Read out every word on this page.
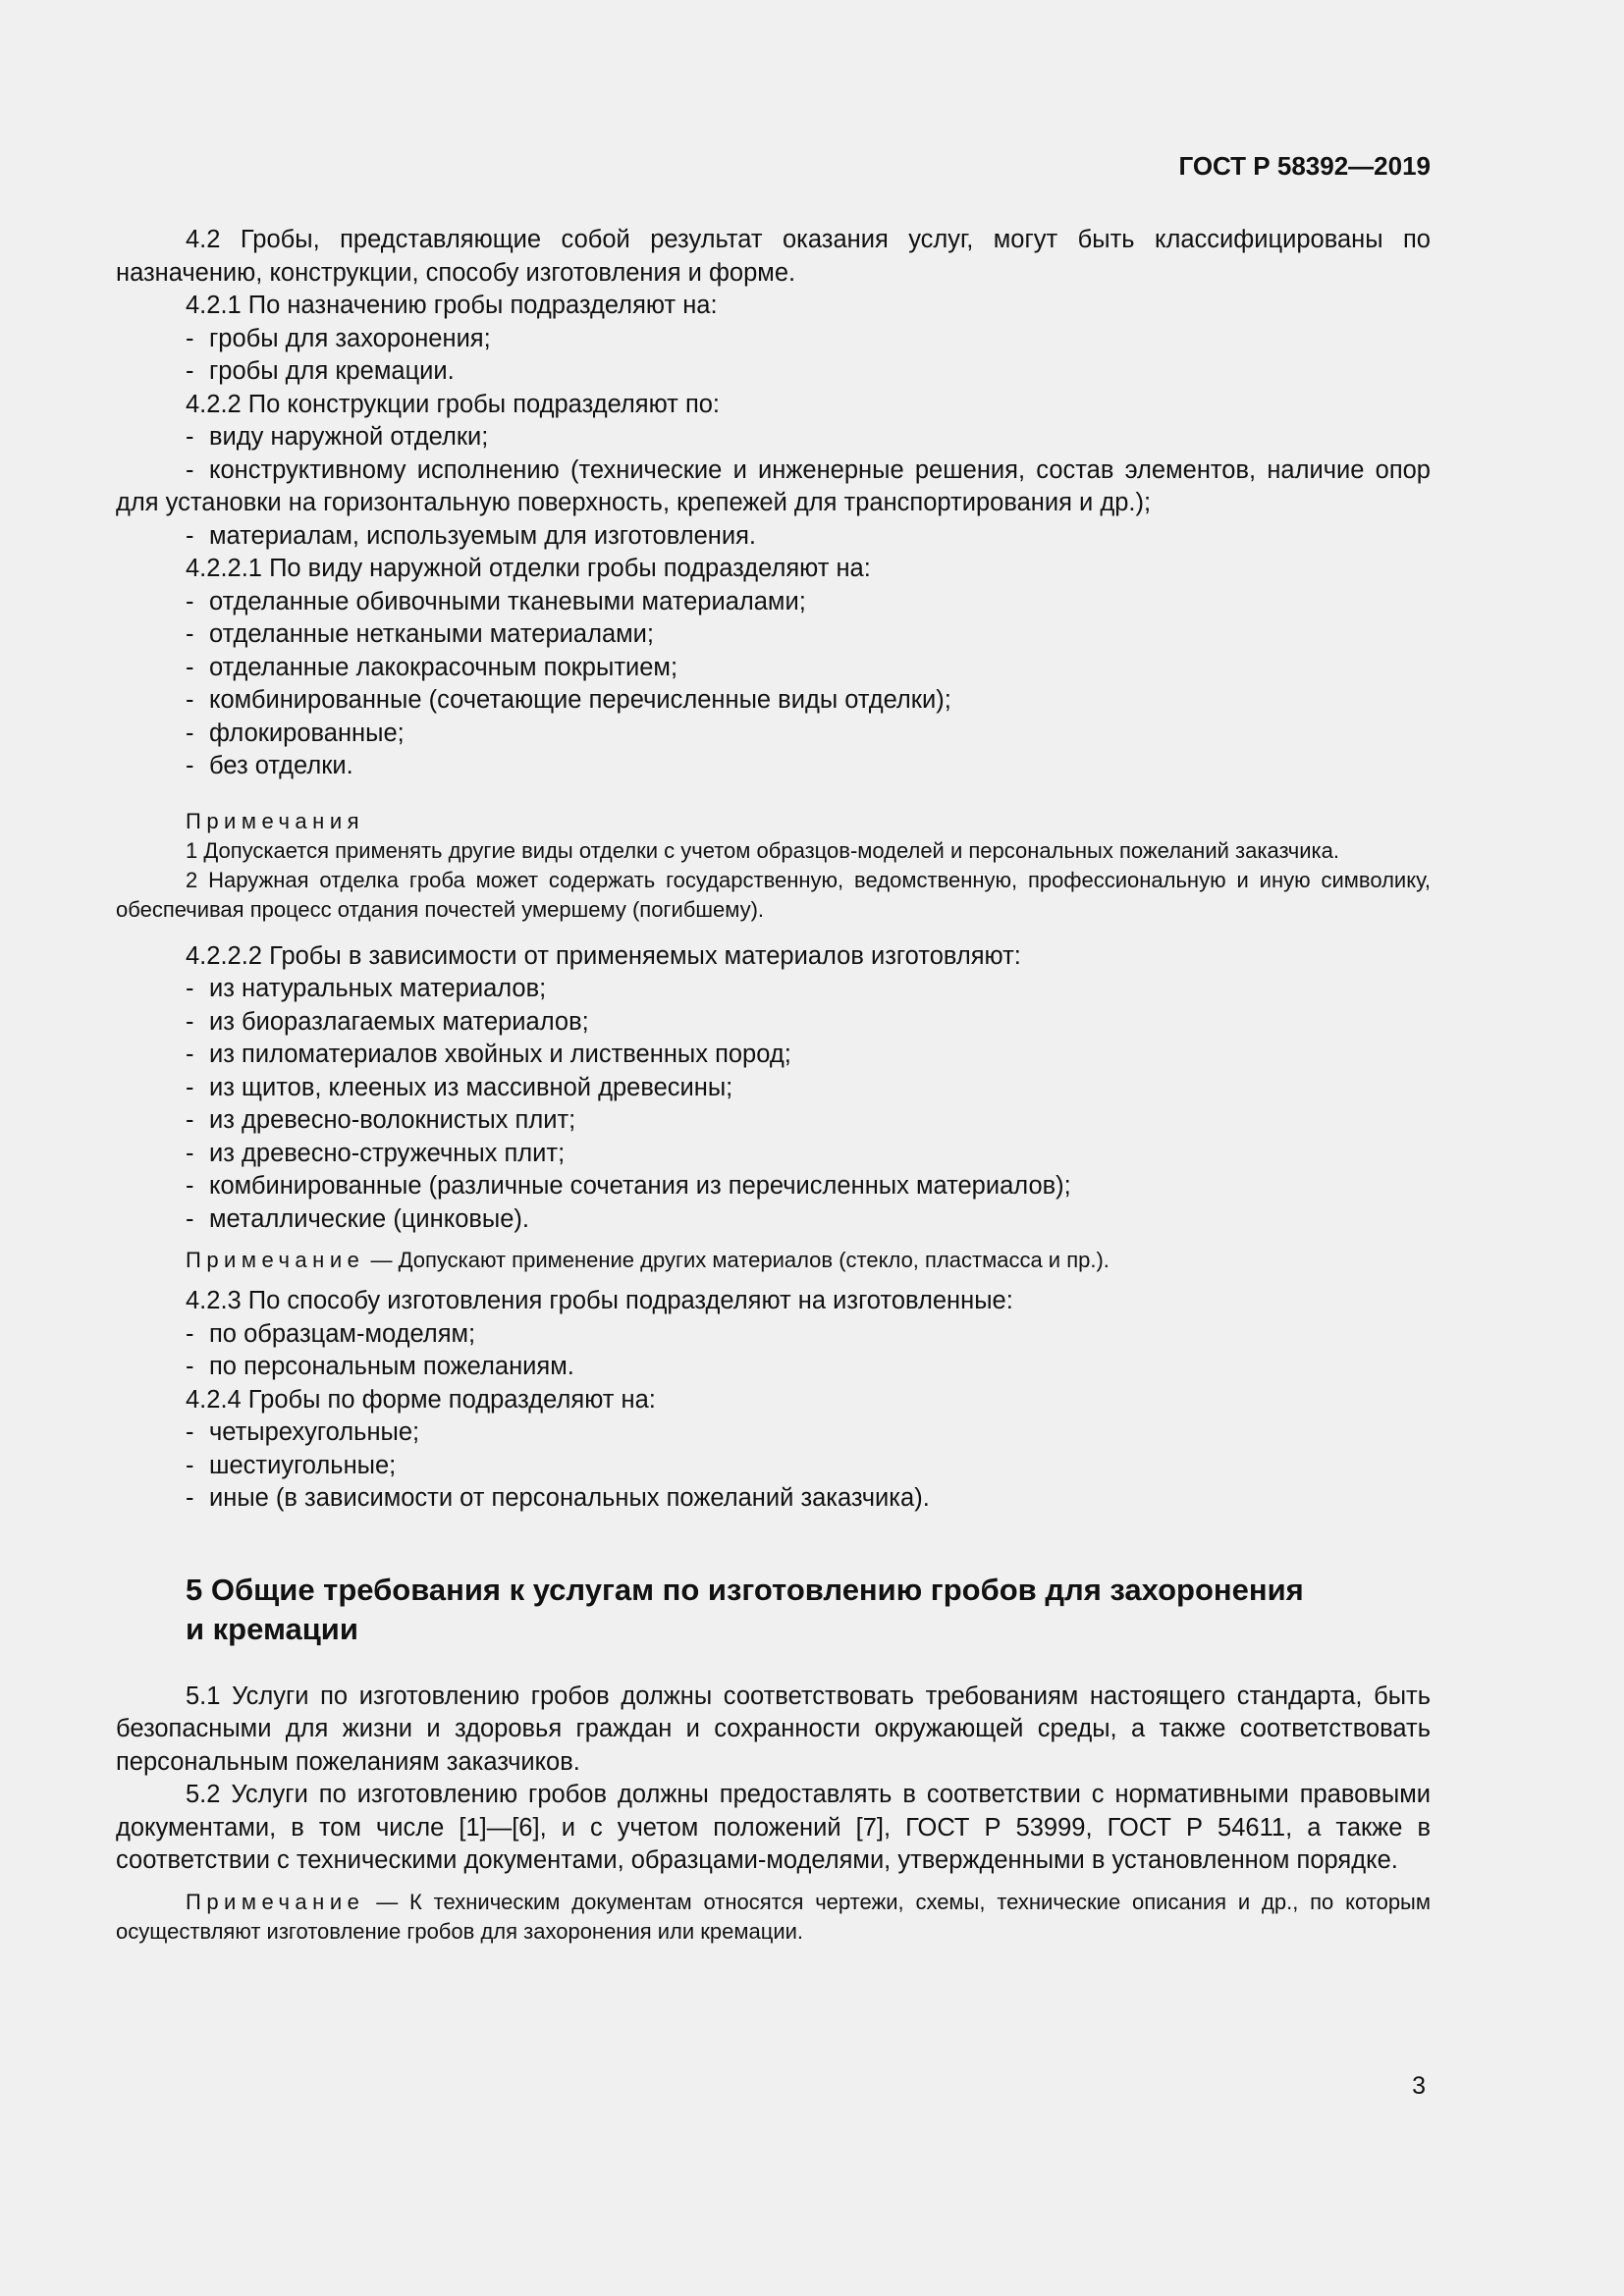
ГОСТ Р 58392—2019

4.2 Гробы, представляющие собой результат оказания услуг, могут быть классифицированы по назначению, конструкции, способу изготовления и форме.

4.2.1 По назначению гробы подразделяют на:

- гробы для захоронения;
- гробы для кремации.

4.2.2 По конструкции гробы подразделяют по:

- виду наружной отделки;

- конструктивному исполнению (технические и инженерные решения, состав элементов, наличие опор для установки на горизонтальную поверхность, крепежей для транспортирования и др.);

- материалам, используемым для изготовления.

4.2.2.1 По виду наружной отделки гробы подразделяют на:

- отделанные обивочными тканевыми материалами;
- отделанные неткаными материалами;
- отделанные лакокрасочным покрытием;
- комбинированные (сочетающие перечисленные виды отделки);
- флокированные;
- без отделки.

Примечания

1 Допускается применять другие виды отделки с учетом образцов-моделей и персональных пожеланий заказчика.

2 Наружная отделка гроба может содержать государственную, ведомственную, профессиональную и иную символику, обеспечивая процесс отдания почестей умершему (погибшему).

4.2.2.2 Гробы в зависимости от применяемых материалов изготовляют:

- из натуральных материалов;
- из биоразлагаемых материалов;
- из пиломатериалов хвойных и лиственных пород;
- из щитов, клееных из массивной древесины;
- из древесно-волокнистых плит;
- из древесно-стружечных плит;
- комбинированные (различные сочетания из перечисленных материалов);
- металлические (цинковые).

Примечание — Допускают применение других материалов (стекло, пластмасса и пр.).

4.2.3 По способу изготовления гробы подразделяют на изготовленные:

- по образцам-моделям;
- по персональным пожеланиям.

4.2.4 Гробы по форме подразделяют на:

- четырехугольные;
- шестиугольные;
- иные (в зависимости от персональных пожеланий заказчика).
5 Общие требования к услугам по изготовлению гробов для захоронения
и кремации

5.1 Услуги по изготовлению гробов должны соответствовать требованиям настоящего стандарта, быть безопасными для жизни и здоровья граждан и сохранности окружающей среды, а также соответствовать персональным пожеланиям заказчиков.

5.2 Услуги по изготовлению гробов должны предоставлять в соответствии с нормативными правовыми документами, в том числе [1]—[6], и с учетом положений [7], ГОСТ Р 53999, ГОСТ Р 54611, а также в соответствии с техническими документами, образцами-моделями, утвержденными в установленном порядке.

Примечание — К техническим документам относятся чертежи, схемы, технические описания и др., по которым осуществляют изготовление гробов для захоронения или кремации.

3
